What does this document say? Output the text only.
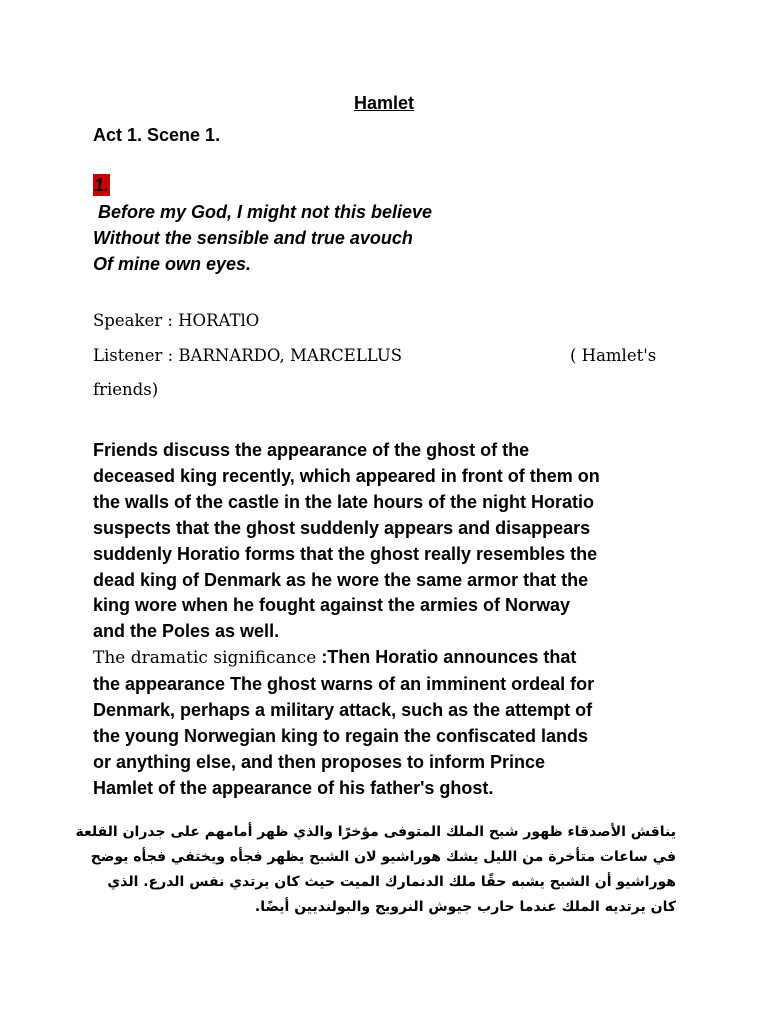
Hamlet
Act 1. Scene 1.
1.
Before my God, I might not this believe
Without the sensible and true avouch
Of mine own eyes.
Speaker : HORATlO
Listener : BARNARDO, MARCELLUS	( Hamlet's
friends)
Friends discuss the appearance of the ghost of the
deceased king recently, which appeared in front of them on
the walls of the castle in the late hours of the night Horatio
suspects that the ghost suddenly appears and disappears
suddenly Horatio forms that the ghost really resembles the
dead king of Denmark as he wore the same armor that the
king wore when he fought against the armies of Norway
and the Poles as well.
The dramatic significance :Then Horatio announces that
the appearance The ghost warns of an imminent ordeal for
Denmark, perhaps a military attack, such as the attempt of
the young Norwegian king to regain the confiscated lands
or anything else, and then proposes to inform Prince
Hamlet of the appearance of his father's ghost.
يناقش الأصدقاء ظهور شبح الملك المتوفى مؤخرًا والذي ظهر أمامهم على جدران القلعة
في ساعات متأخرة من الليل يشك هوراشيو لان الشبح يظهر فجأه ويختفي فجأه يوضح
هوراشيو أن الشبح يشبه حقًا ملك الدنمارك الميت حيث كان يرتدي نفس الدرع. الذي
كان يرتديه الملك عندما حارب جيوش النرويج والبولنديين أيضًا.
